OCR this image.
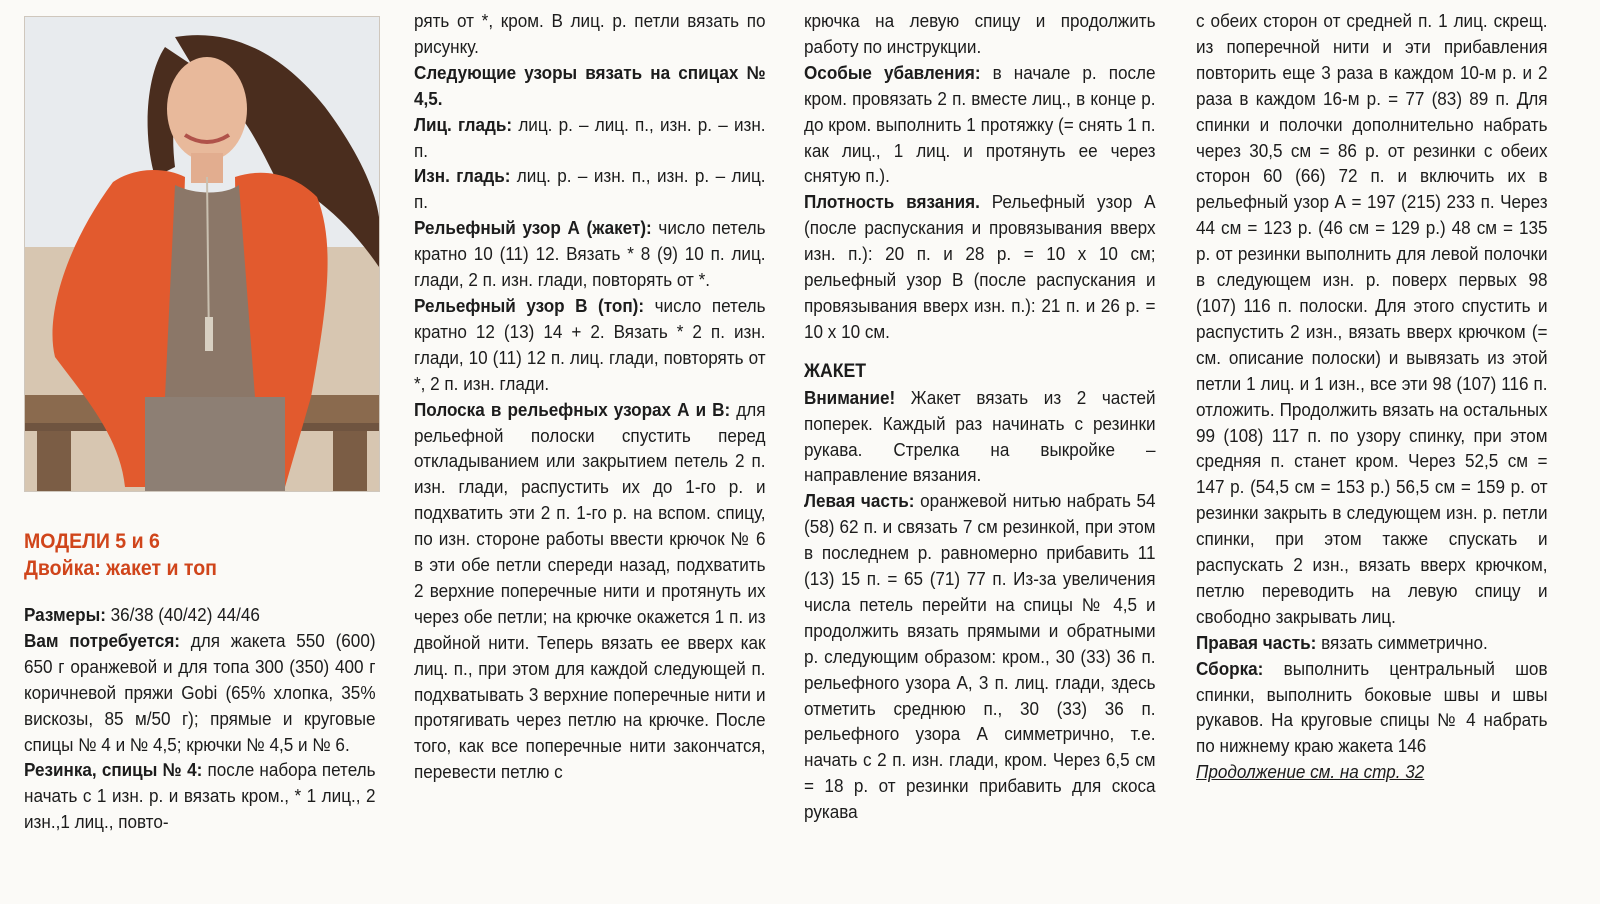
МОДЕЛИ 5 и 6

Двойка: жакет и топ

Размеры: 36/38 (40/42) 44/46

Вам потребуется: для жакета 550 (600) 650 г оранжевой и для топа 300 (350) 400 г коричневой пряжи Gobi (65% хлопка, 35% вискозы, 85 м/50 г); прямые и круговые спицы № 4 и № 4,5; крючки № 4,5 и № 6.

Резинка, спицы № 4: после набора петель начать с 1 изн. р. и вязать кром., * 1 лиц., 2 изн.,1 лиц., повто-

рять от *, кром. В лиц. р. петли вязать по рисунку.

Следующие узоры вязать на спицах № 4,5.

Лиц. гладь: лиц. р. – лиц. п., изн. р. – изн. п.

Изн. гладь: лиц. р. – изн. п., изн. р. – лиц. п.

Рельефный узор А (жакет): число петель кратно 10 (11) 12. Вязать * 8 (9) 10 п. лиц. глади, 2 п. изн. глади, повторять от *.

Рельефный узор В (топ): число петель кратно 12 (13) 14 + 2. Вязать * 2 п. изн. глади, 10 (11) 12 п. лиц. глади, повторять от *, 2 п. изн. глади.

Полоска в рельефных узорах А и В: для рельефной полоски спустить перед откладыванием или закрытием петель 2 п. изн. глади, распустить их до 1-го р. и подхватить эти 2 п. 1-го р. на вспом. спицу, по изн. стороне работы ввести крючок № 6 в эти обе петли спереди назад, подхватить 2 верхние поперечные нити и протянуть их через обе петли; на крючке окажется 1 п. из двойной нити. Теперь вязать ее вверх как лиц. п., при этом для каждой следующей п. подхватывать 3 верхние поперечные нити и протягивать через петлю на крючке. После того, как все поперечные нити закончатся, перевести петлю с

крючка на левую спицу и продолжить работу по инструкции.

Особые убавления: в начале р. после кром. провязать 2 п. вместе лиц., в конце р. до кром. выполнить 1 протяжку (= снять 1 п. как лиц., 1 лиц. и протянуть ее через снятую п.).

Плотность вязания. Рельефный узор А (после распускания и провязывания вверх изн. п.): 20 п. и 28 р. = 10 х 10 см; рельефный узор В (после распускания и провязывания вверх изн. п.): 21 п. и 26 р. = 10 х 10 см.

ЖАКЕТ

Внимание! Жакет вязать из 2 частей поперек. Каждый раз начинать с резинки рукава. Стрелка на выкройке – направление вязания.

Левая часть: оранжевой нитью набрать 54 (58) 62 п. и связать 7 см резинкой, при этом в последнем р. равномерно прибавить 11 (13) 15 п. = 65 (71) 77 п. Из-за увеличения числа петель перейти на спицы № 4,5 и продолжить вязать прямыми и обратными р. следующим образом: кром., 30 (33) 36 п. рельефного узора А, 3 п. лиц. глади, здесь отметить среднюю п., 30 (33) 36 п. рельефного узора А симметрично, т.е. начать с 2 п. изн. глади, кром. Через 6,5 см = 18 р. от резинки прибавить для скоса рукава

с обеих сторон от средней п. 1 лиц. скрещ. из поперечной нити и эти прибавления повторить еще 3 раза в каждом 10-м р. и 2 раза в каждом 16-м р. = 77 (83) 89 п. Для спинки и полочки дополнительно набрать через 30,5 см = 86 р. от резинки с обеих сторон 60 (66) 72 п. и включить их в рельефный узор А = 197 (215) 233 п. Через 44 см = 123 р. (46 см = 129 р.) 48 см = 135 р. от резинки выполнить для левой полочки в следующем изн. р. поверх первых 98 (107) 116 п. полоски. Для этого спустить и распустить 2 изн., вязать вверх крючком (= см. описание полоски) и вывязать из этой петли 1 лиц. и 1 изн., все эти 98 (107) 116 п. отложить. Продолжить вязать на остальных 99 (108) 117 п. по узору спинку, при этом средняя п. станет кром. Через 52,5 см = 147 р. (54,5 см = 153 р.) 56,5 см = 159 р. от резинки закрыть в следующем изн. р. петли спинки, при этом также спускать и распускать 2 изн., вязать вверх крючком, петлю переводить на левую спицу и свободно закрывать лиц.

Правая часть: вязать симметрично.

Сборка: выполнить центральный шов спинки, выполнить боковые швы и швы рукавов. На круговые спицы № 4 набрать по нижнему краю жакета 146

Продолжение см. на стр. 32
